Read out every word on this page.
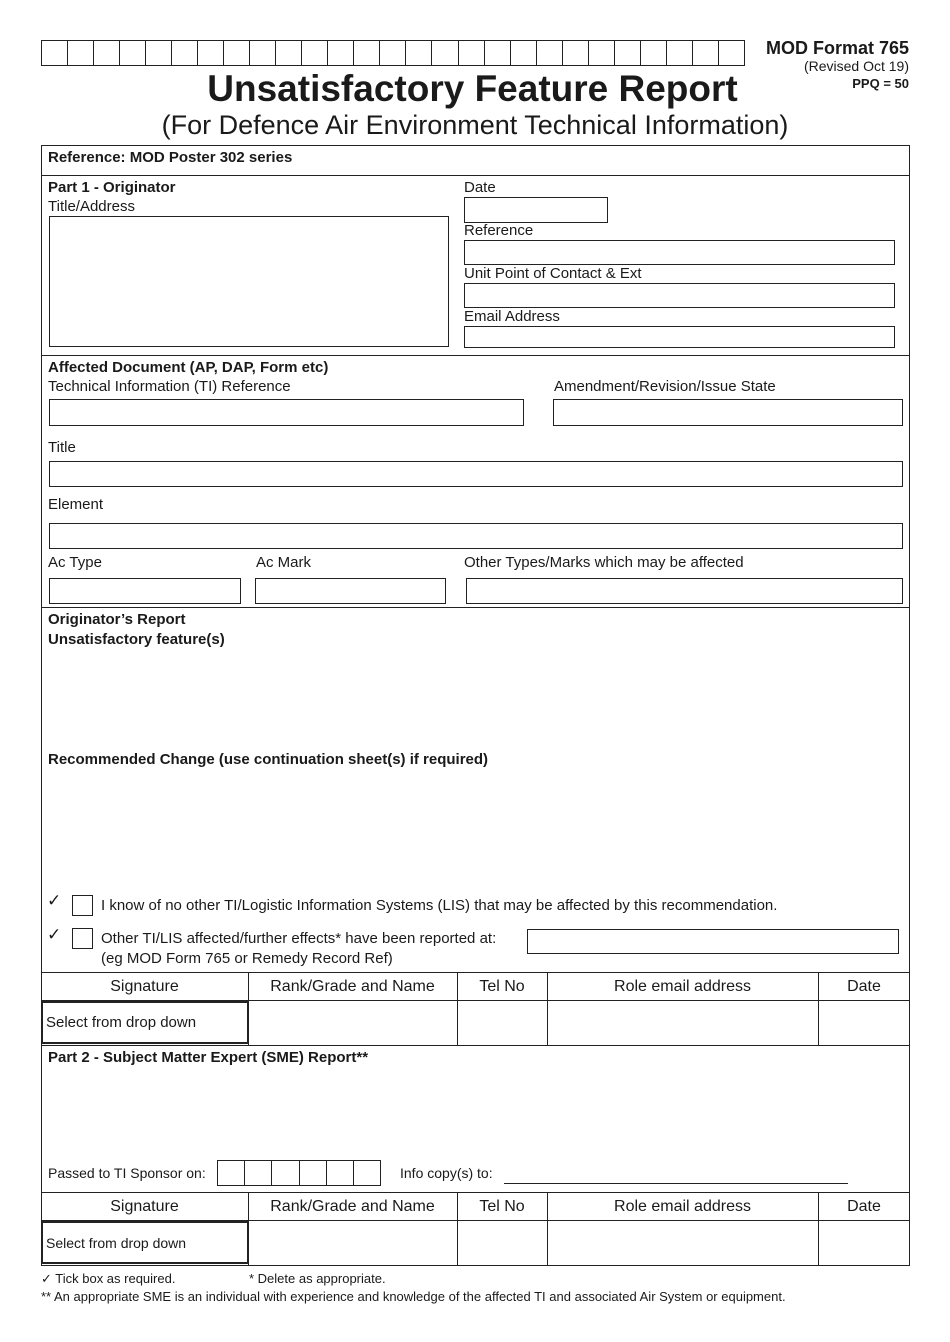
MOD Format 765
(Revised Oct 19)
PPQ = 50
Unsatisfactory Feature Report
(For Defence Air Environment Technical Information)
Reference: MOD Poster 302 series
Part 1 - Originator
Title/Address
Date
Reference
Unit Point of Contact & Ext
Email Address
Affected Document (AP, DAP, Form etc)
Technical Information (TI) Reference	Amendment/Revision/Issue State
Title
Element
Ac Type	Ac Mark	Other Types/Marks which may be affected
Originator’s Report
Unsatisfactory feature(s)
Recommended Change (use continuation sheet(s) if required)
✓	I know of no other TI/Logistic Information Systems (LIS) that may be affected by this recommendation.
✓	Other TI/LIS affected/further effects* have been reported at:
(eg MOD Form 765 or Remedy Record Ref)
Signature	Rank/Grade and Name	Tel No	Role email address	Date
Select from drop down
Part 2 - Subject Matter Expert (SME) Report**
Passed to TI Sponsor on:	Info copy(s) to:
Signature	Rank/Grade and Name	Tel No	Role email address	Date
Select from drop down
✓ Tick box as required.	* Delete as appropriate.
** An appropriate SME is an individual with experience and knowledge of the affected TI and associated Air System or equipment.
